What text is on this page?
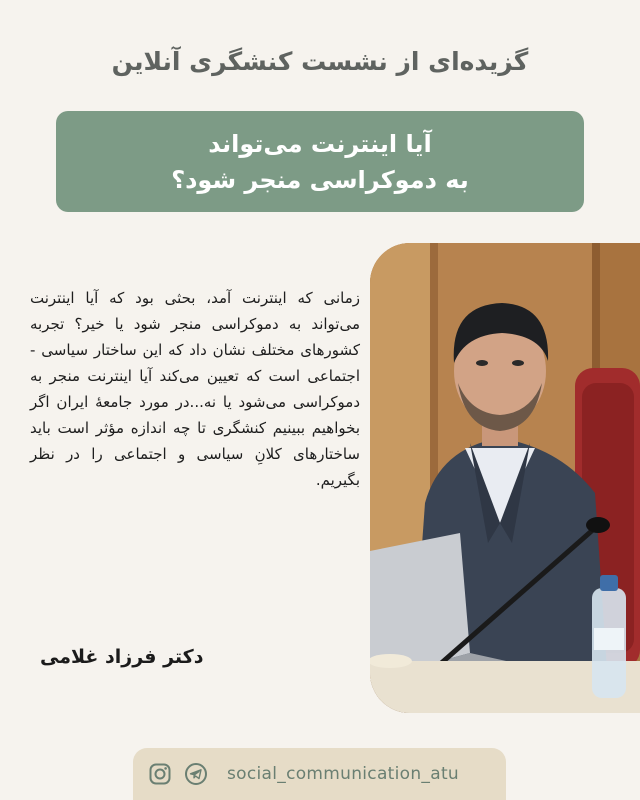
گزیده‌ای از نشست کنشگری آنلاین
آیا اینترنت می‌تواند
به دموکراسی منجر شود؟
زمانی که اینترنت آمد، بحثی بود که آیا اینترنت می‌تواند به دموکراسی منجر شود یا خیر؟ تجربه کشورهای مختلف نشان داد که این ساختار سیاسی - اجتماعی است که تعیین می‌کند آیا اینترنت منجر به دموکراسی می‌شود یا نه...در مورد جامعهٔ ایران اگر بخواهیم ببینیم کنشگری تا چه اندازه مؤثر است باید ساختارهای کلانِ سیاسی و اجتماعی را در نظر بگیریم.
دکتر فرزاد غلامی
social_communication_atu
